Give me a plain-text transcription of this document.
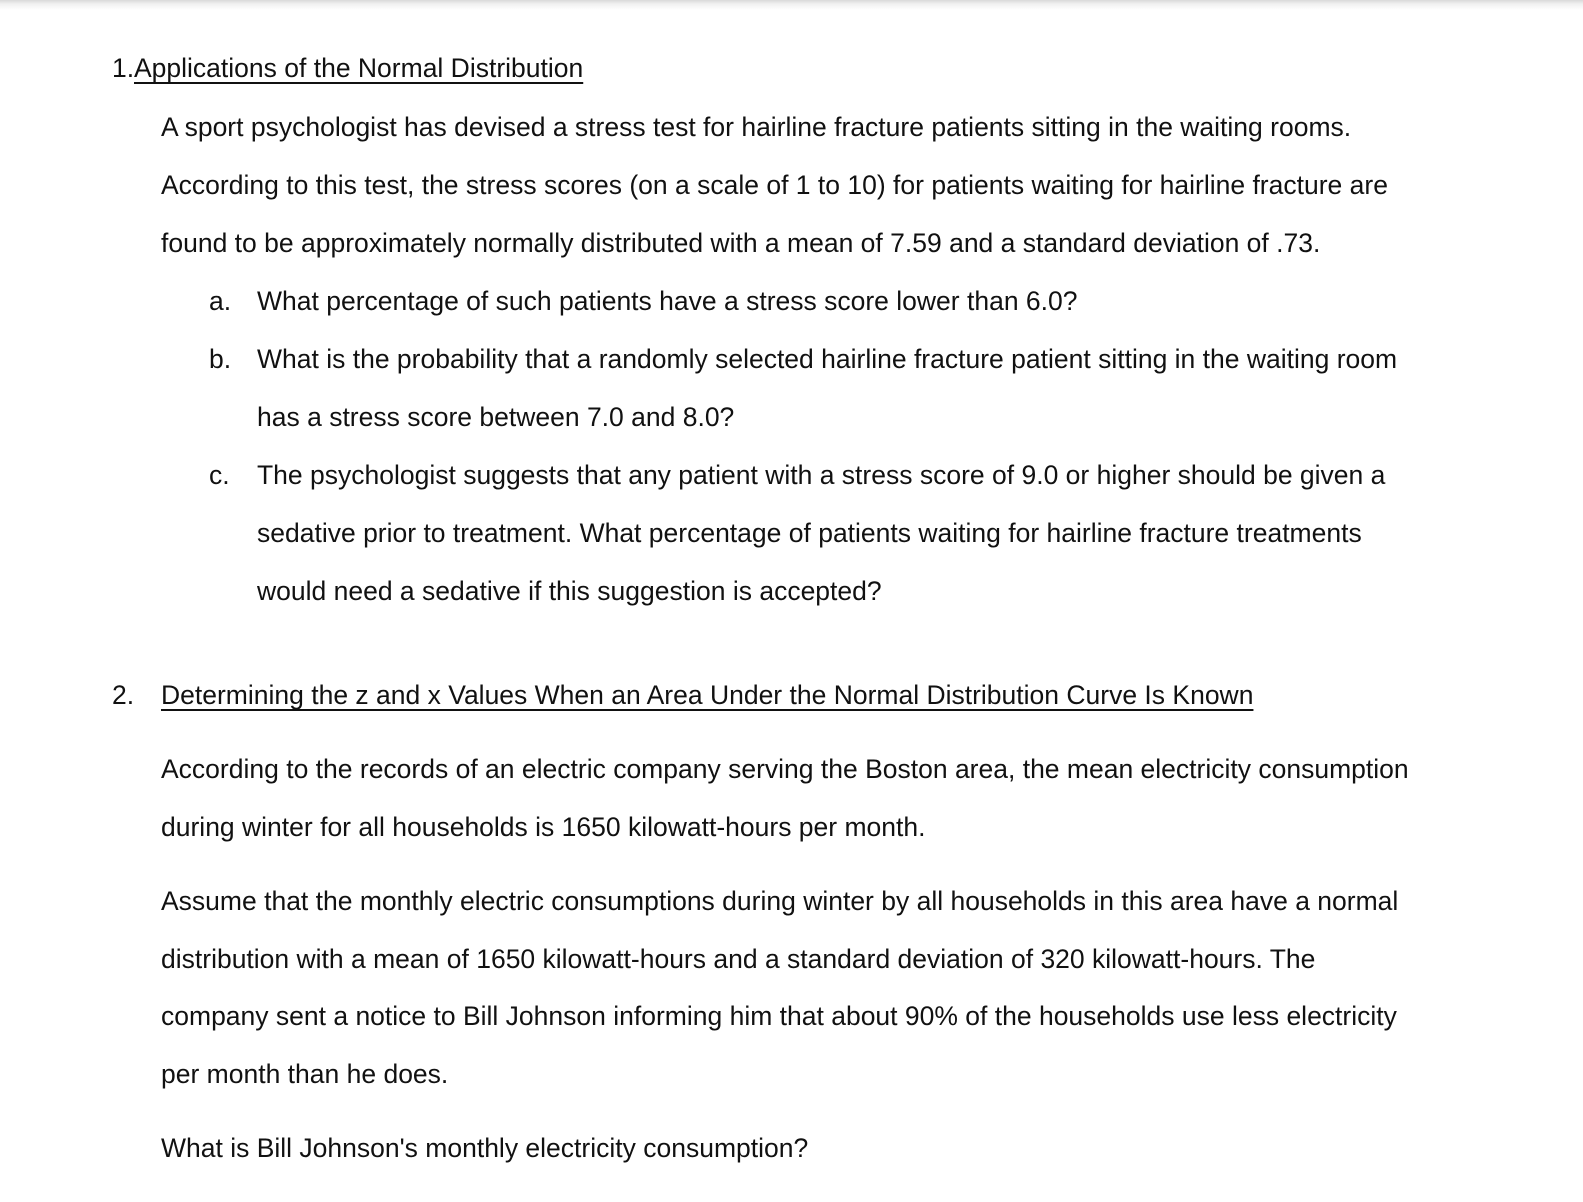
1. Applications of the Normal Distribution
A sport psychologist has devised a stress test for hairline fracture patients sitting in the waiting rooms.
According to this test, the stress scores (on a scale of 1 to 10) for patients waiting for hairline fracture are
found to be approximately normally distributed with a mean of 7.59 and a standard deviation of .73.
a. What percentage of such patients have a stress score lower than 6.0?
b. What is the probability that a randomly selected hairline fracture patient sitting in the waiting room
has a stress score between 7.0 and 8.0?
c. The psychologist suggests that any patient with a stress score of 9.0 or higher should be given a
sedative prior to treatment. What percentage of patients waiting for hairline fracture treatments
would need a sedative if this suggestion is accepted?
2. Determining the z and x Values When an Area Under the Normal Distribution Curve Is Known
According to the records of an electric company serving the Boston area, the mean electricity consumption
during winter for all households is 1650 kilowatt-hours per month.
Assume that the monthly electric consumptions during winter by all households in this area have a normal
distribution with a mean of 1650 kilowatt-hours and a standard deviation of 320 kilowatt-hours. The
company sent a notice to Bill Johnson informing him that about 90% of the households use less electricity
per month than he does.
What is Bill Johnson's monthly electricity consumption?
